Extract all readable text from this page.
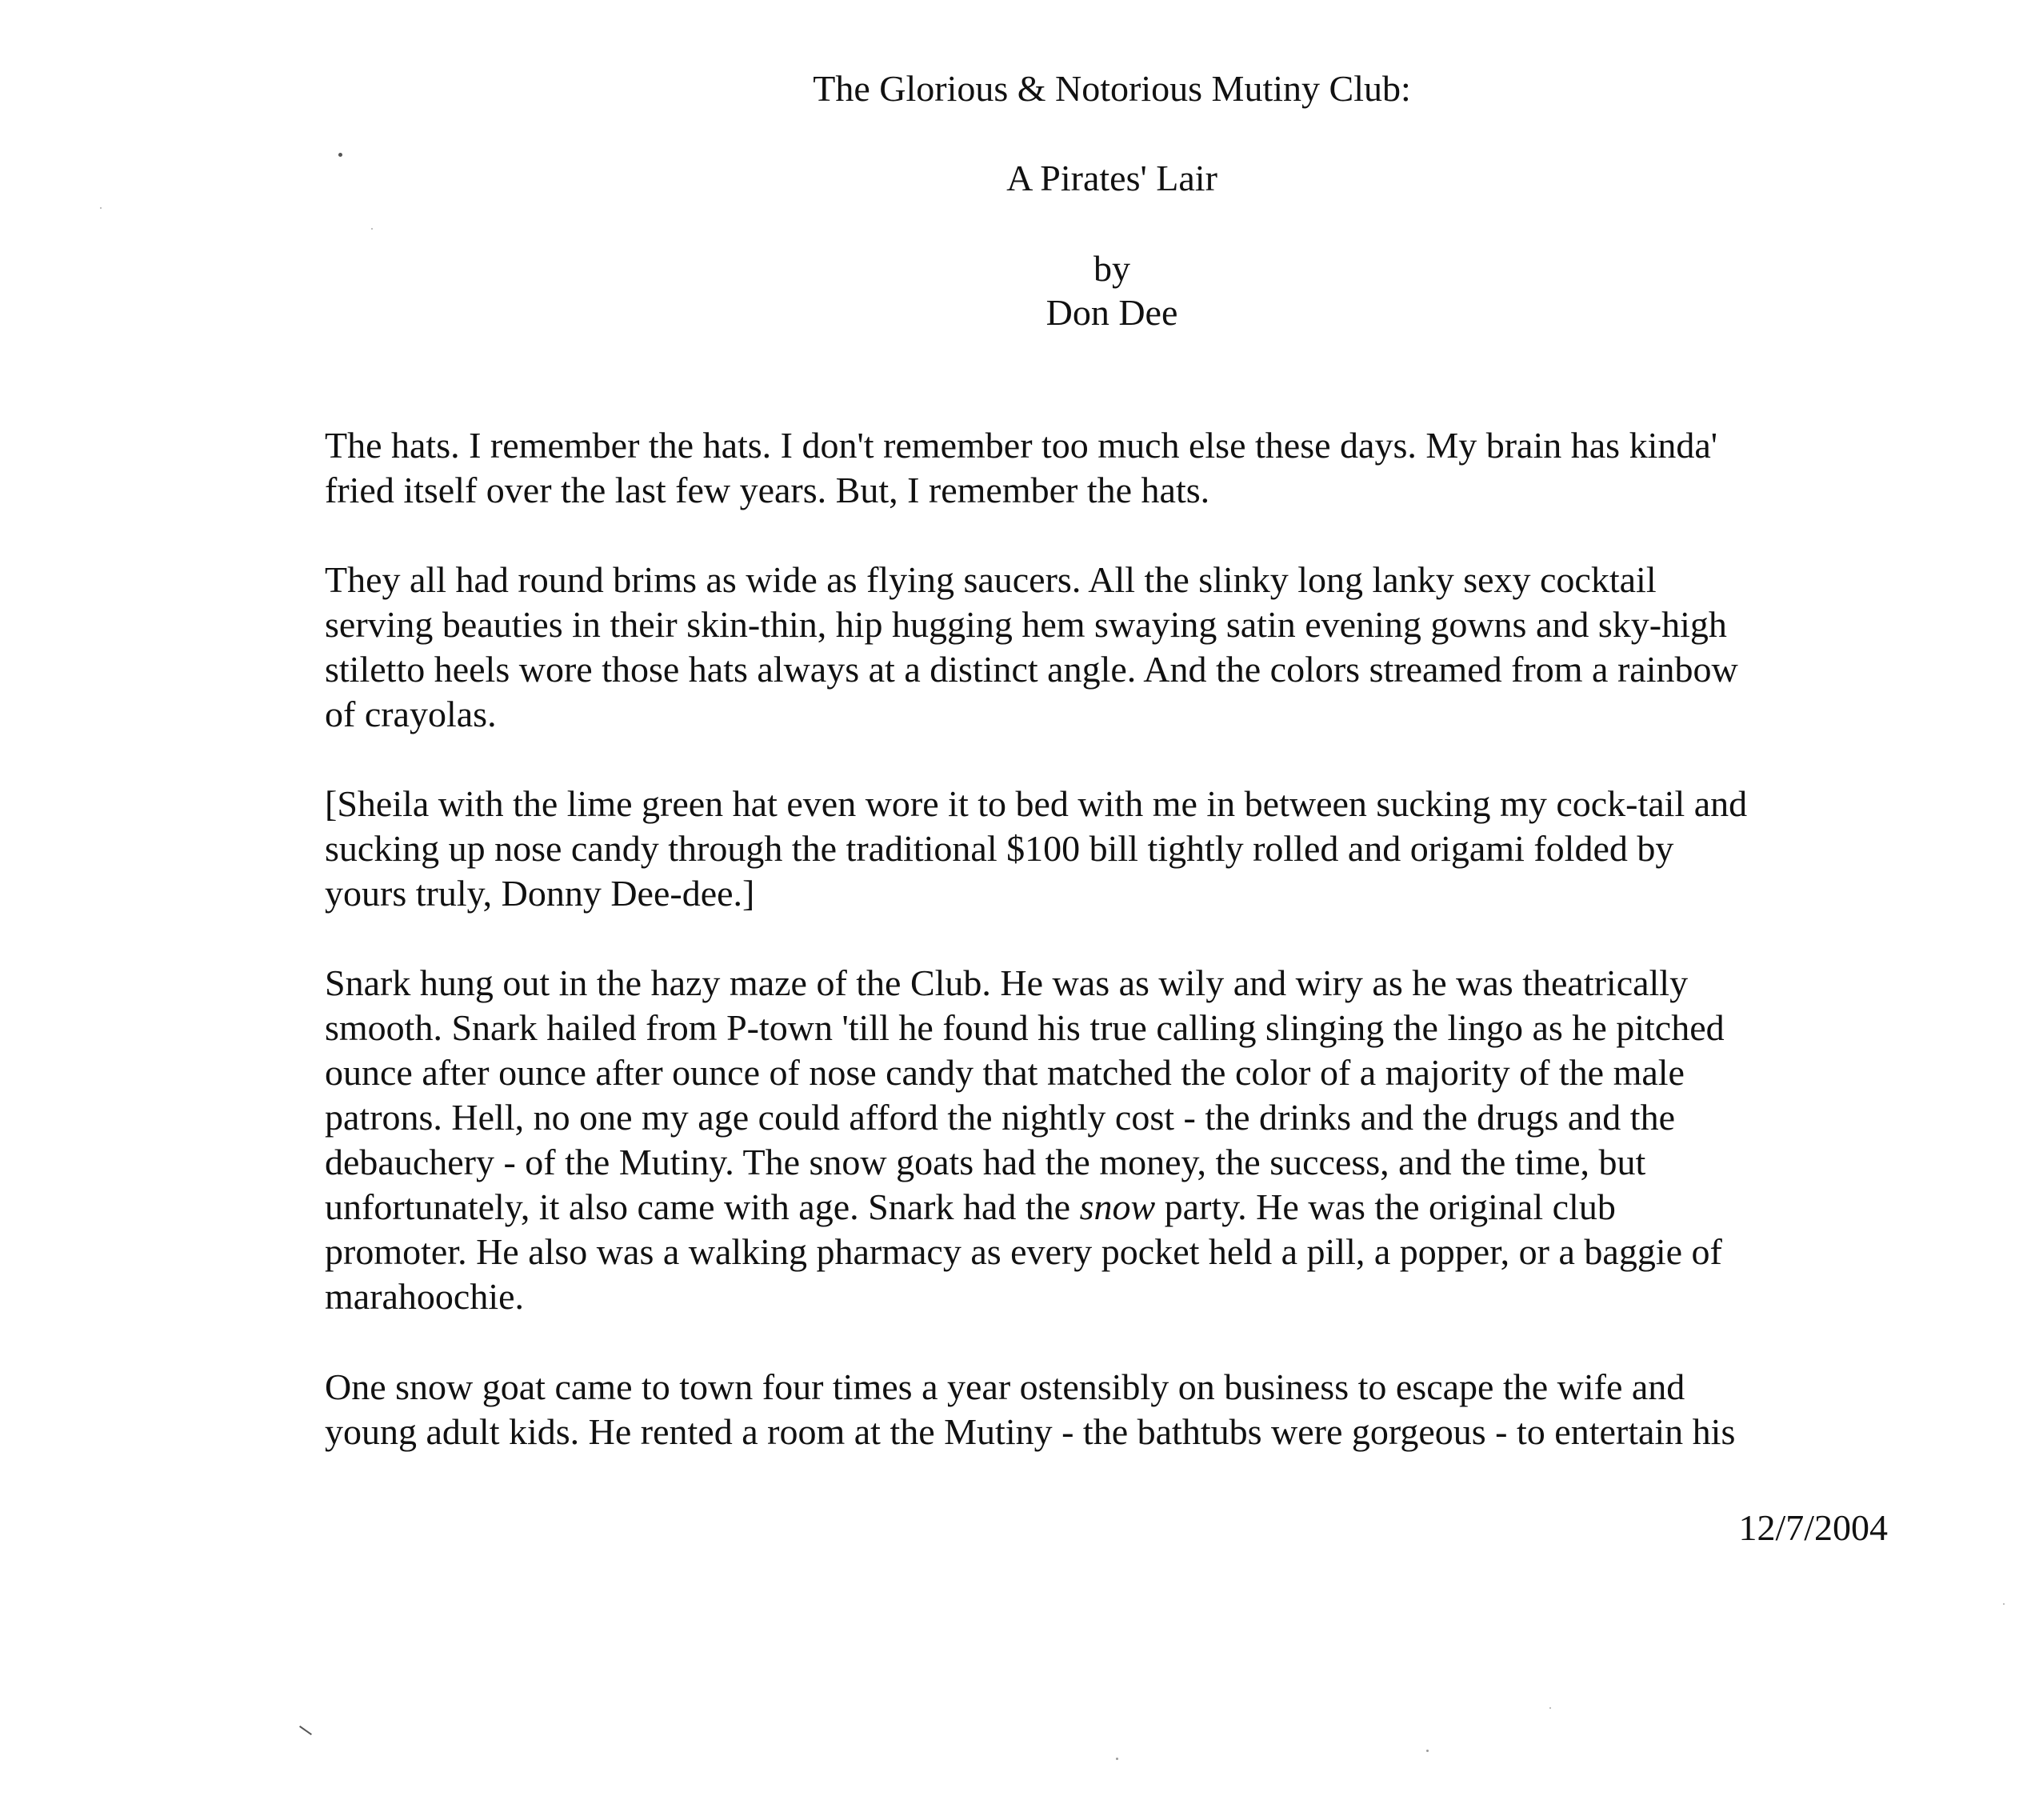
The Glorious & Notorious Mutiny Club:
A Pirates' Lair
by
Don Dee

The hats. I remember the hats. I don't remember too much else these days. My brain has kinda'
fried itself over the last few years. But, I remember the hats.

They all had round brims as wide as flying saucers. All the slinky long lanky sexy cocktail
serving beauties in their skin-thin, hip hugging hem swaying satin evening gowns and sky-high
stiletto heels wore those hats always at a distinct angle. And the colors streamed from a rainbow
of crayolas.

[Sheila with the lime green hat even wore it to bed with me in between sucking my cock-tail and
sucking up nose candy through the traditional $100 bill tightly rolled and origami folded by
yours truly, Donny Dee-dee.]

Snark hung out in the hazy maze of the Club. He was as wily and wiry as he was theatrically
smooth. Snark hailed from P-town 'till he found his true calling slinging the lingo as he pitched
ounce after ounce after ounce of nose candy that matched the color of a majority of the male
patrons. Hell, no one my age could afford the nightly cost - the drinks and the drugs and the
debauchery - of the Mutiny. The snow goats had the money, the success, and the time, but
unfortunately, it also came with age. Snark had the snow party. He was the original club
promoter. He also was a walking pharmacy as every pocket held a pill, a popper, or a baggie of
marahoochie.

One snow goat came to town four times a year ostensibly on business to escape the wife and
young adult kids. He rented a room at the Mutiny - the bathtubs were gorgeous - to entertain his

12/7/2004
